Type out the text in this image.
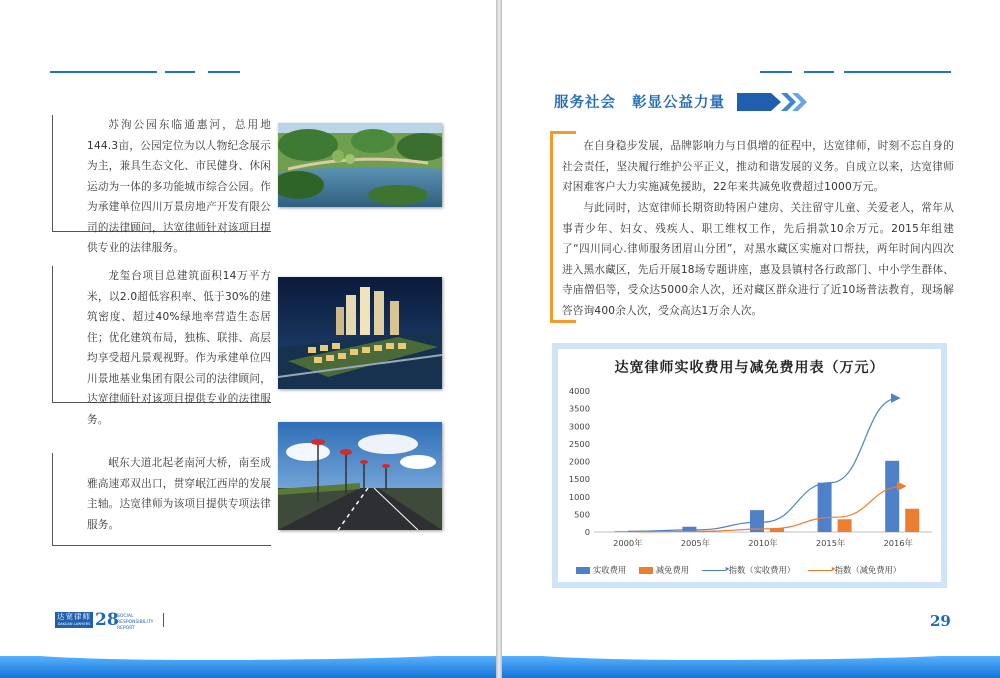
苏洵公园东临通惠河，总用地144.3亩，公园定位为以人物纪念展示为主，兼具生态文化、市民健身、休闲运动为一体的多功能城市综合公园。作为承建单位四川万景房地产开发有限公司的法律顾问，达宽律师针对该项目提供专业的法律服务。

龙玺台项目总建筑面积14万平方米，以2.0超低容积率、低于30%的建筑密度、超过40%绿地率营造生态居住；优化建筑布局，独栋、联排、高层均享受超凡景观视野。作为承建单位四川景地基业集团有限公司的法律顾问，达宽律师针对该项目提供专业的法律服务。

岷东大道北起老南河大桥，南至成雅高速邓双出口，贯穿岷江西岸的发展主轴。达宽律师为该项目提供专项法律服务。

达宽律师
DAKUAN LAWYERS 28
SOCIAL RESPONSIBILITY REPORT
服务社会 彰显公益力量

在自身稳步发展，品牌影响力与日俱增的征程中，达宽律师，时刻不忘自身的社会责任，坚决履行维护公平正义，推动和谐发展的义务。自成立以来，达宽律师对困难客户大力实施减免援助，22年来共减免收费超过1000万元。

与此同时，达宽律师长期资助特困户建房、关注留守儿童、关爱老人，常年从事青少年、妇女、残疾人、职工维权工作，先后捐款10余万元。2015年组建了“四川同心.律师服务团眉山分团”，对黑水藏区实施对口帮扶，两年时间内四次进入黑水藏区，先后开展18场专题讲座，惠及县镇村各行政部门、中小学生群体、寺庙僧侣等，受众达5000余人次，还对藏区群众进行了近10场普法教育，现场解答咨询400余人次，受众高达1万余人次。

达宽律师实收费用与减免费用表（万元）
0
500
1000
1500
2000
2500
3000
3500
4000
2000年	2005年	2010年	2015年	2016年
实收费用	减免费用 ▸	指数（实收费用） ▸	指数（减免费用）
29
